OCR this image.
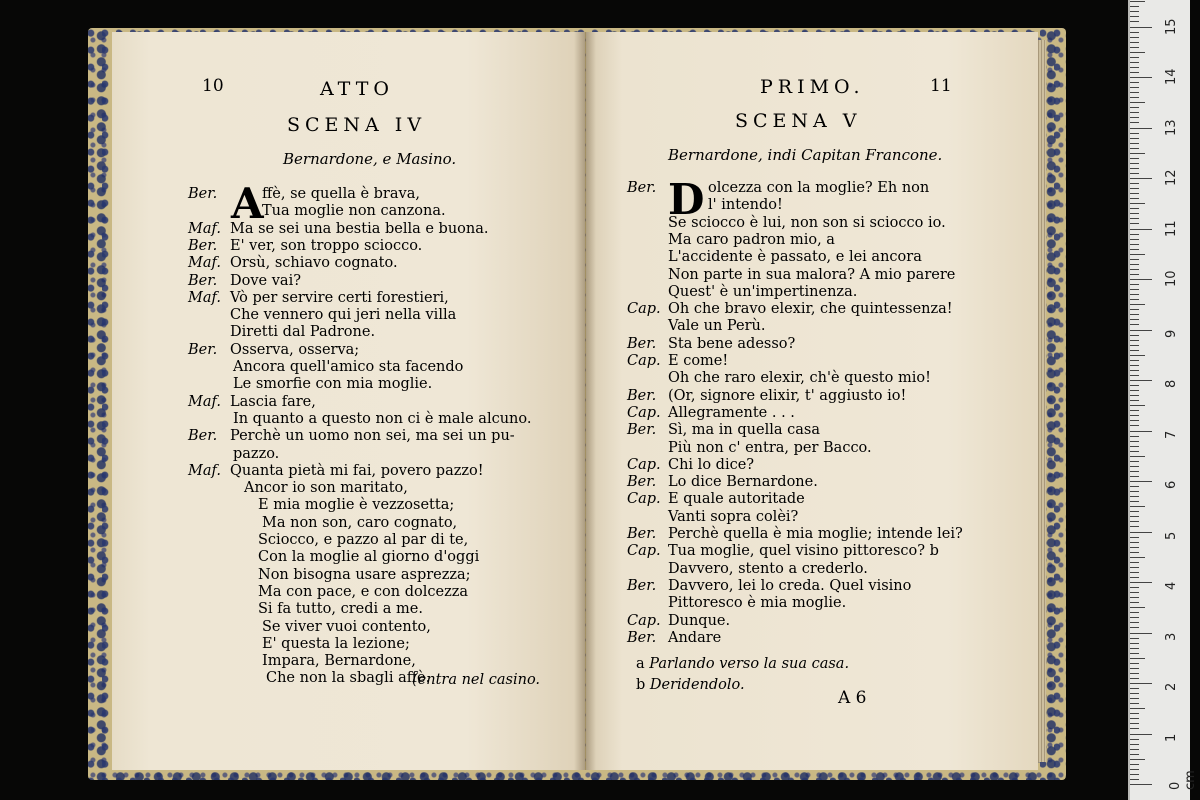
10	ATTO
SCENA IV
Bernardone, e Masino.
A
Ber.	ffè, se quella è brava,
Tua moglie non canzona.
Maf. Ma se sei una bestia bella e buona.
Ber. E' ver, son troppo sciocco.
Maf. Orsù, schiavo cognato.
Ber. Dove vai?
Maf. Vò per servire certi forestieri,
Che vennero qui jeri nella villa
Diretti dal Padrone.
Ber. Osserva, osserva;
Ancora quell'amico sta facendo
Le smorfie con mia moglie.
Maf. Lascia fare,
In quanto a questo non ci è male alcuno.
Ber. Perchè un uomo non sei, ma sei un pu-
pazzo.
Maf. Quanta pietà mi fai, povero pazzo!
Ancor io son maritato,
E mia moglie è vezzosetta;
Ma non son, caro cognato,
Sciocco, e pazzo al par di te,
Con la moglie al giorno d'oggi
Non bisogna usare asprezza;
Ma con pace, e con dolcezza
Si fa tutto, credi a me.
Se viver vuoi contento,
E' questa la lezione;
Impara, Bernardone,
Che non la sbagli affè.
(entra nel casino.
PRIMO.	11
SCENA V
Bernardone, indi Capitan Francone.
D
Ber.	olcezza con la moglie? Eh non
l' intendo!
Se sciocco è lui, non son si sciocco io.
Ma caro padron mio, a
L'accidente è passato, e lei ancora
Non parte in sua malora? A mio parere
Quest' è un'impertinenza.
Cap. Oh che bravo elexir, che quintessenza!
Vale un Perù.
Ber. Sta bene adesso?
Cap. E come!
Oh che raro elexir, ch'è questo mio!
Ber. (Or, signore elixir, t' aggiusto io!
Cap. Allegramente . . .
Ber. Sì, ma in quella casa
Più non c' entra, per Bacco.
Cap. Chi lo dice?
Ber. Lo dice Bernardone.
Cap. E quale autoritade
Vanti sopra colèi?
Ber. Perchè quella è mia moglie; intende lei?
Cap. Tua moglie, quel visino pittoresco? b
Davvero, stento a crederlo.
Ber. Davvero, lei lo creda. Quel visino
Pittoresco è mia moglie.
Cap. Dunque.
Ber. Andare
a Parlando verso la sua casa.
b Deridendolo.
A 6
0 cm
1
2
3
4
5
6
7
8
9
10
11
12
13
14
15
